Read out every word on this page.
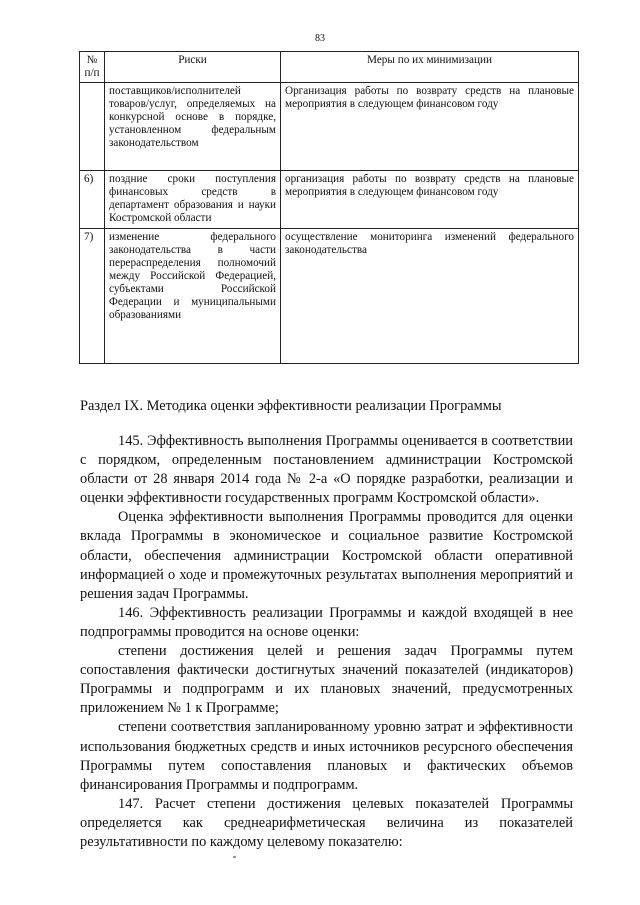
83
№ п/п	Риски	Меры по их минимизации
	поставщиков/исполнителей товаров/услуг, определяемых на конкурсной основе в порядке, установленном федеральным законодательством	Организация работы по возврату средств на плановые мероприятия в следующем финансовом году
6)	поздние сроки поступления финансовых средств в департамент образования и науки Костромской области	организация работы по возврату средств на плановые мероприятия в следующем финансовом году
7)	изменение федерального законодательства в части перераспределения полномочий между Российской Федерацией, субъектами Российской Федерации и муниципальными образованиями	осуществление мониторинга изменений федерального законодательства
Раздел IX. Методика оценки эффективности реализации Программы

145. Эффективность выполнения Программы оценивается в соответствии с порядком, определенным постановлением администрации Костромской области от 28 января 2014 года № 2-а «О порядке разработки, реализации и оценки эффективности государственных программ Костромской области».

Оценка эффективности выполнения Программы проводится для оценки вклада Программы в экономическое и социальное развитие Костромской области, обеспечения администрации Костромской области оперативной информацией о ходе и промежуточных результатах выполнения мероприятий и решения задач Программы.

146. Эффективность реализации Программы и каждой входящей в нее подпрограммы проводится на основе оценки:

степени достижения целей и решения задач Программы путем сопоставления фактически достигнутых значений показателей (индикаторов) Программы и подпрограмм и их плановых значений, предусмотренных приложением № 1 к Программе;

степени соответствия запланированному уровню затрат и эффективности использования бюджетных средств и иных источников ресурсного обеспечения Программы путем сопоставления плановых и фактических объемов финансирования Программы и подпрограмм.

147. Расчет степени достижения целевых показателей Программы определяется как среднеарифметическая величина из показателей результативности по каждому целевому показателю:
